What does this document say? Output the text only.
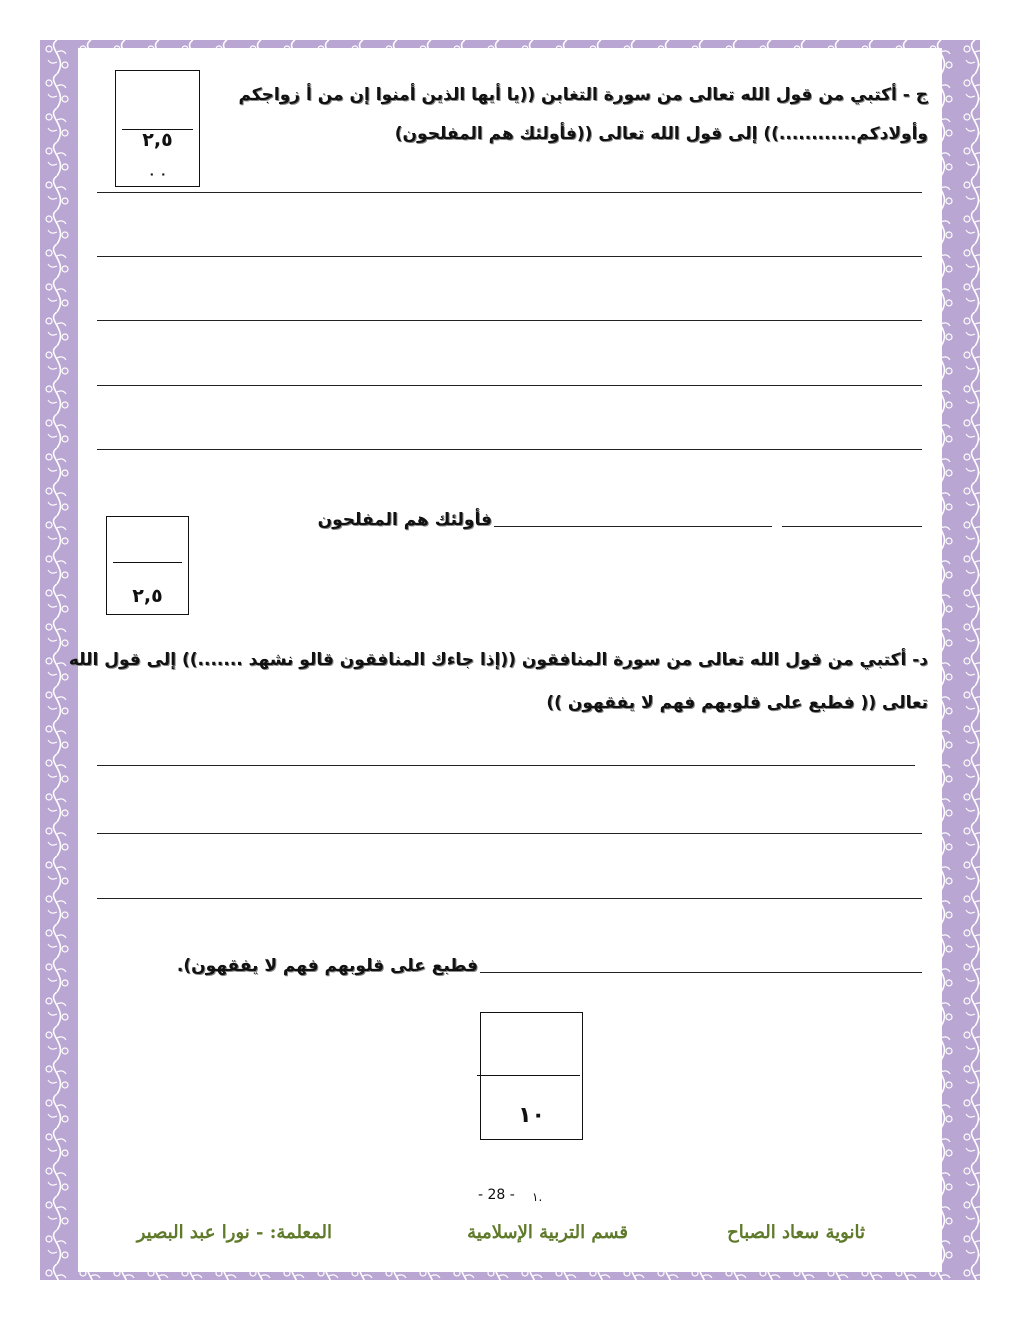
ج - أكتبي من قول الله تعالى من سورة التغابن ((يا أيها الذين أمنوا إن من أ زواجكم
وأولادكم............)) إلى قول الله تعالى ((فأولئك هم المفلحون)
٢,٥
٠ ٠
فأولئك هم المفلحون
٢,٥
د- أكتبي من قول الله تعالى من سورة المنافقون ((إذا جاءك المنافقون قالو نشهد .......)) إلى قول الله
تعالى (( فطبع على قلوبهم فهم لا يفقهون ))
فطبع على قلوبهم فهم لا يفقهون).
١٠
- 28 - ١.
ثانوية سعاد الصباح
قسم التربية الإسلامية
المعلمة: - نورا عبد البصير
